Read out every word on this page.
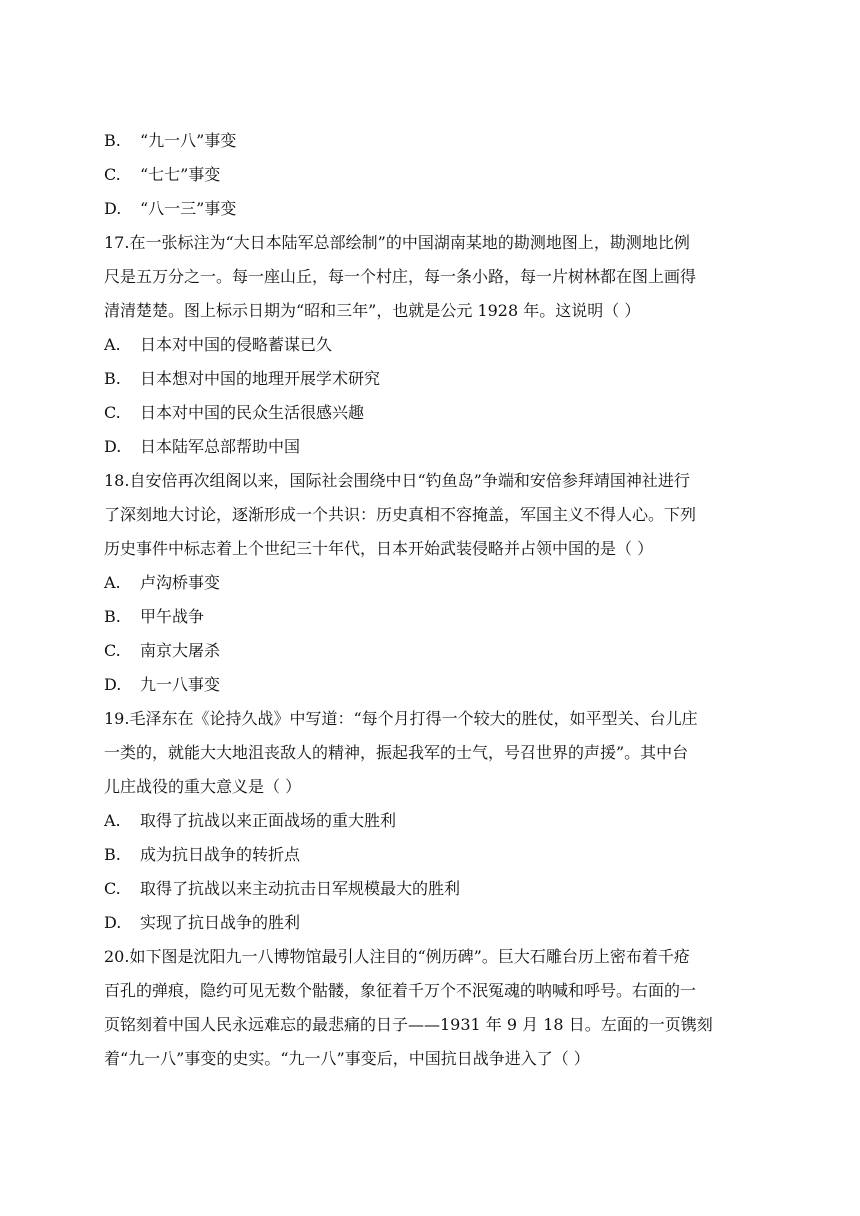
B.	“九一八”事变
C.	“七七”事变
D.	“八一三”事变
17.在一张标注为“大日本陆军总部绘制”的中国湖南某地的勘测地图上，勘测地比例
尺是五万分之一。每一座山丘，每一个村庄，每一条小路，每一片树林都在图上画得
清清楚楚。图上标示日期为“昭和三年”，也就是公元 1928 年。这说明（ ）
A.	日本对中国的侵略蓄谋已久
B.	日本想对中国的地理开展学术研究
C.	日本对中国的民众生活很感兴趣
D.	日本陆军总部帮助中国
18.自安倍再次组阁以来，国际社会围绕中日“钓鱼岛”争端和安倍参拜靖国神社进行
了深刻地大讨论，逐渐形成一个共识：历史真相不容掩盖，军国主义不得人心。下列
历史事件中标志着上个世纪三十年代，日本开始武装侵略并占领中国的是（ ）
A.	卢沟桥事变
B.	甲午战争
C.	南京大屠杀
D.	九一八事变
19.毛泽东在《论持久战》中写道：“每个月打得一个较大的胜仗，如平型关、台儿庄
一类的，就能大大地沮丧敌人的精神，振起我军的士气，号召世界的声援”。其中台
儿庄战役的重大意义是（ ）
A.	取得了抗战以来正面战场的重大胜利
B.	成为抗日战争的转折点
C.	取得了抗战以来主动抗击日军规模最大的胜利
D.	实现了抗日战争的胜利
20.如下图是沈阳九一八博物馆最引人注目的“例历碑”。巨大石雕台历上密布着千疮
百孔的弹痕，隐约可见无数个骷髅，象征着千万个不泯冤魂的呐喊和呼号。右面的一
页铭刻着中国人民永远难忘的最悲痛的日子——1931 年 9 月 18 日。左面的一页镌刻
着“九一八”事变的史实。“九一八”事变后，中国抗日战争进入了（ ）
